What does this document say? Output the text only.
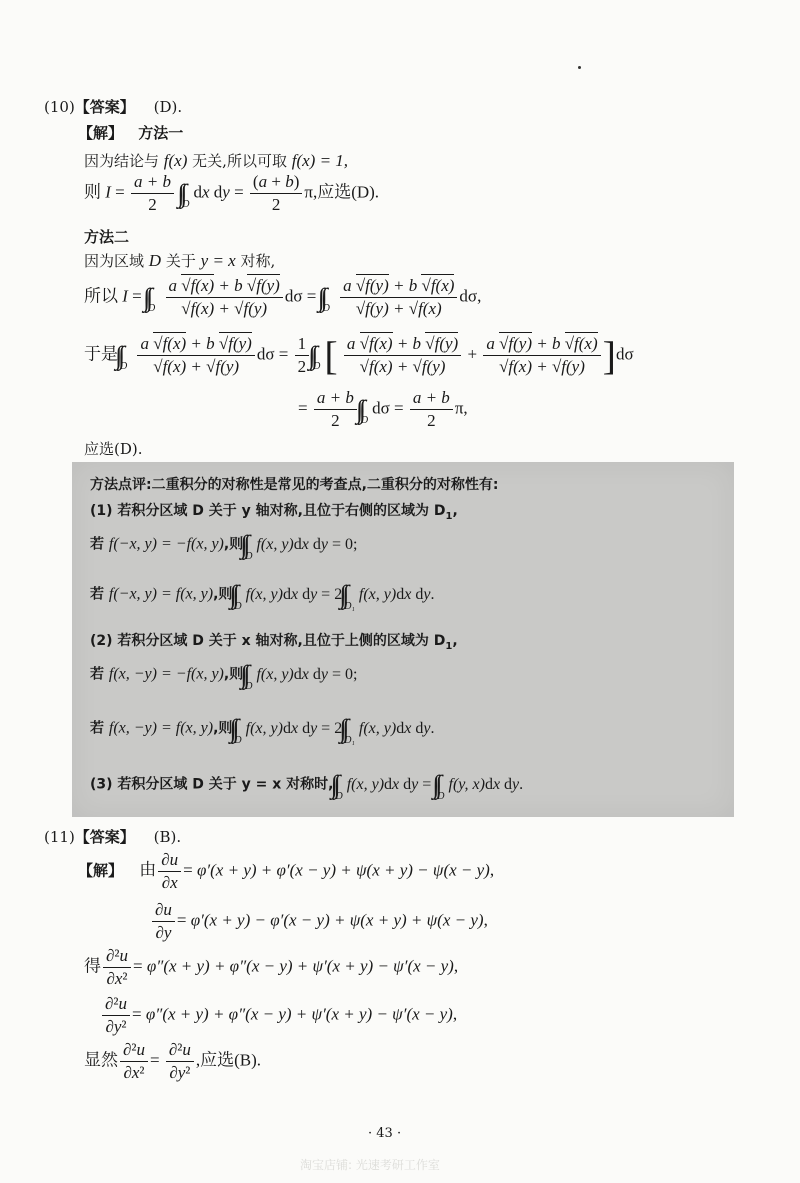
(10)【答案】 (D).
【解】 方法一
因为结论与 f(x) 无关,所以可取 f(x) = 1,
则 $I = \frac{a + b}{2} _Ddx$ dy = $\frac{(a + b)}{2} \pi$,应选(D).
方法二
因为区域 D 关于 y = x 对称,
所以 $I = _D \frac{a √f(x) + b √f(y)}{√f(x) + √f(y)}$ $d\sigma = _D \frac{a √f(y) + b √f(x)}{√f(y) + √f(x)} d\sigma$,
于是$_D \frac{a √f(x) + b √f(y)}{√f(x) + √f(y)}$ $d\sigma = \frac{1}{2} _D$ [ $\frac{a √f(x) + b √f(y)}{√f(x) + √f(y)} + \frac{a √f(y) + b √f(x)}{√f(x) + √f(y)} ]d\sigma$
= $\frac{a + b}{2} _Dd\sigma = \frac{a + b}{2} \pi$,
应选(D).
方法点评:二重积分的对称性是常见的考查点,二重积分的对称性有:
(1) 若积分区域 D 关于 y 轴对称,且位于右侧的区域为 $D_1$,
若 f(−x, y) = −f(x, y),则$_D$f(x, y)dx dy = 0;
若 f(−x, y) = f(x, y),则$_D$f(x, y)dx dy = $2_{D_1}f(x$, y)dx dy.
(2) 若积分区域 D 关于 x 轴对称,且位于上侧的区域为 $D_1$,
若 f(x, −y) = −f(x, y),则$_D$f(x, y)dx dy = 0;
若 f(x, −y) = f(x, y),则$_D$f(x, y)dx dy = $2_{D_1}f(x$, y)dx dy.
(3) 若积分区域 D 关于 y = x 对称时$,_Df(x$, y)dx dy = $_D$f(y, x)dx dy.
(11)【答案】 (B).
【解】 由 $\frac{\partial u}{\partial x} = \varphi'(x + y) + \varphi'(x - y) + \psi(x + y) - \psi(x - y)$,
$\frac{\partial u}{\partial y} = \varphi'(x + y) - \varphi'(x - y) + \psi(x + y) + \psi(x - y)$,
得 $\frac{\text{∂²u}}{\text{∂x²}} = \varphi''(x + y) + \varphi''(x - y) + \psi'(x + y) - \psi'(x - y)$,
$\frac{\text{∂²u}}{\text{∂y²}} = \varphi''(x + y) + \varphi''(x - y) + \psi'(x + y) - \psi'(x - y)$,
显然 $\frac{\text{∂²u}}{\text{∂x²}} = \frac{\text{∂²u}}{\text{∂y²}}$ ,应选(B).
· 43 ·
淘宝店铺: 光速考研工作室
